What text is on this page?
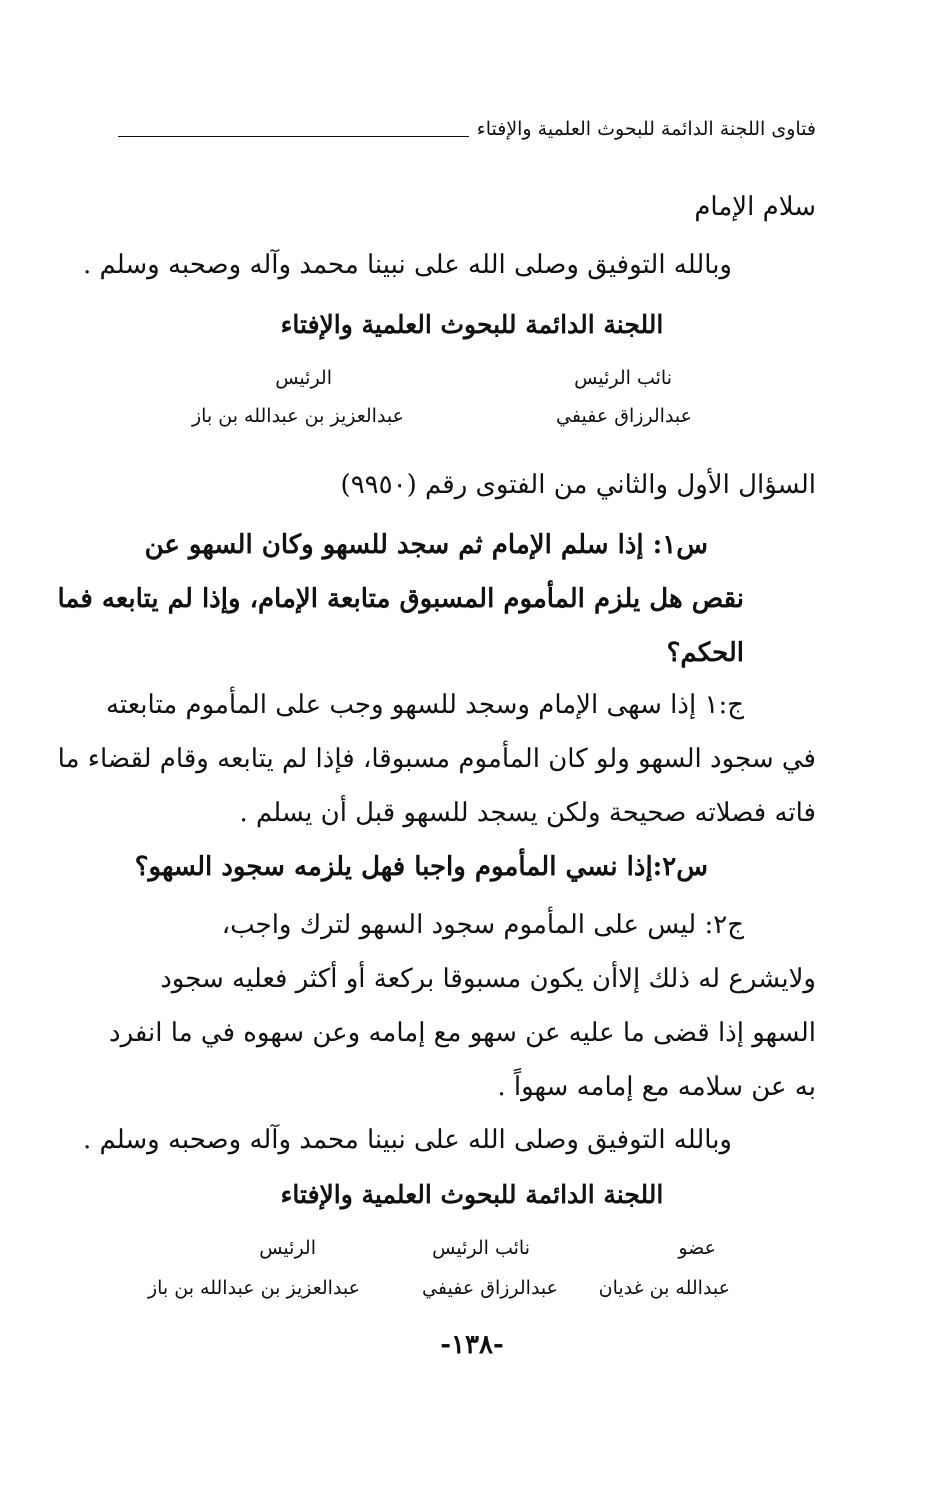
فتاوى اللجنة الدائمة للبحوث العلمية والإفتاء
سلام الإمام
وبالله التوفيق وصلى الله على نبينا محمد وآله وصحبه وسلم .
اللجنة الدائمة للبحوث العلمية والإفتاء
نائب الرئيس
الرئيس
عبدالرزاق عفيفي
عبدالعزيز بن عبدالله بن باز
السؤال الأول والثاني من الفتوى رقم (٩٩٥٠)
س١: إذا سلم الإمام ثم سجد للسهو وكان السهو عن
نقص هل يلزم المأموم المسبوق متابعة الإمام، وإذا لم يتابعه فما
الحكم؟
ج:١ إذا سهى الإمام وسجد للسهو وجب على المأموم متابعته
في سجود السهو ولو كان المأموم مسبوقا، فإذا لم يتابعه وقام لقضاء ما
فاته فصلاته صحيحة ولكن يسجد للسهو قبل أن يسلم .
س٢:إذا نسي المأموم واجبا فهل يلزمه سجود السهو؟
ج٢: ليس على المأموم سجود السهو لترك واجب،
ولايشرع له ذلك إلاأن يكون مسبوقا بركعة أو أكثر فعليه سجود
السهو إذا قضى ما عليه عن سهو مع إمامه وعن سهوه في ما انفرد
به عن سلامه مع إمامه سهواً .
وبالله التوفيق وصلى الله على نبينا محمد وآله وصحبه وسلم .
اللجنة الدائمة للبحوث العلمية والإفتاء
عضو
نائب الرئيس
الرئيس
عبدالله بن غديان
عبدالرزاق عفيفي
عبدالعزيز بن عبدالله بن باز
-١٣٨-
